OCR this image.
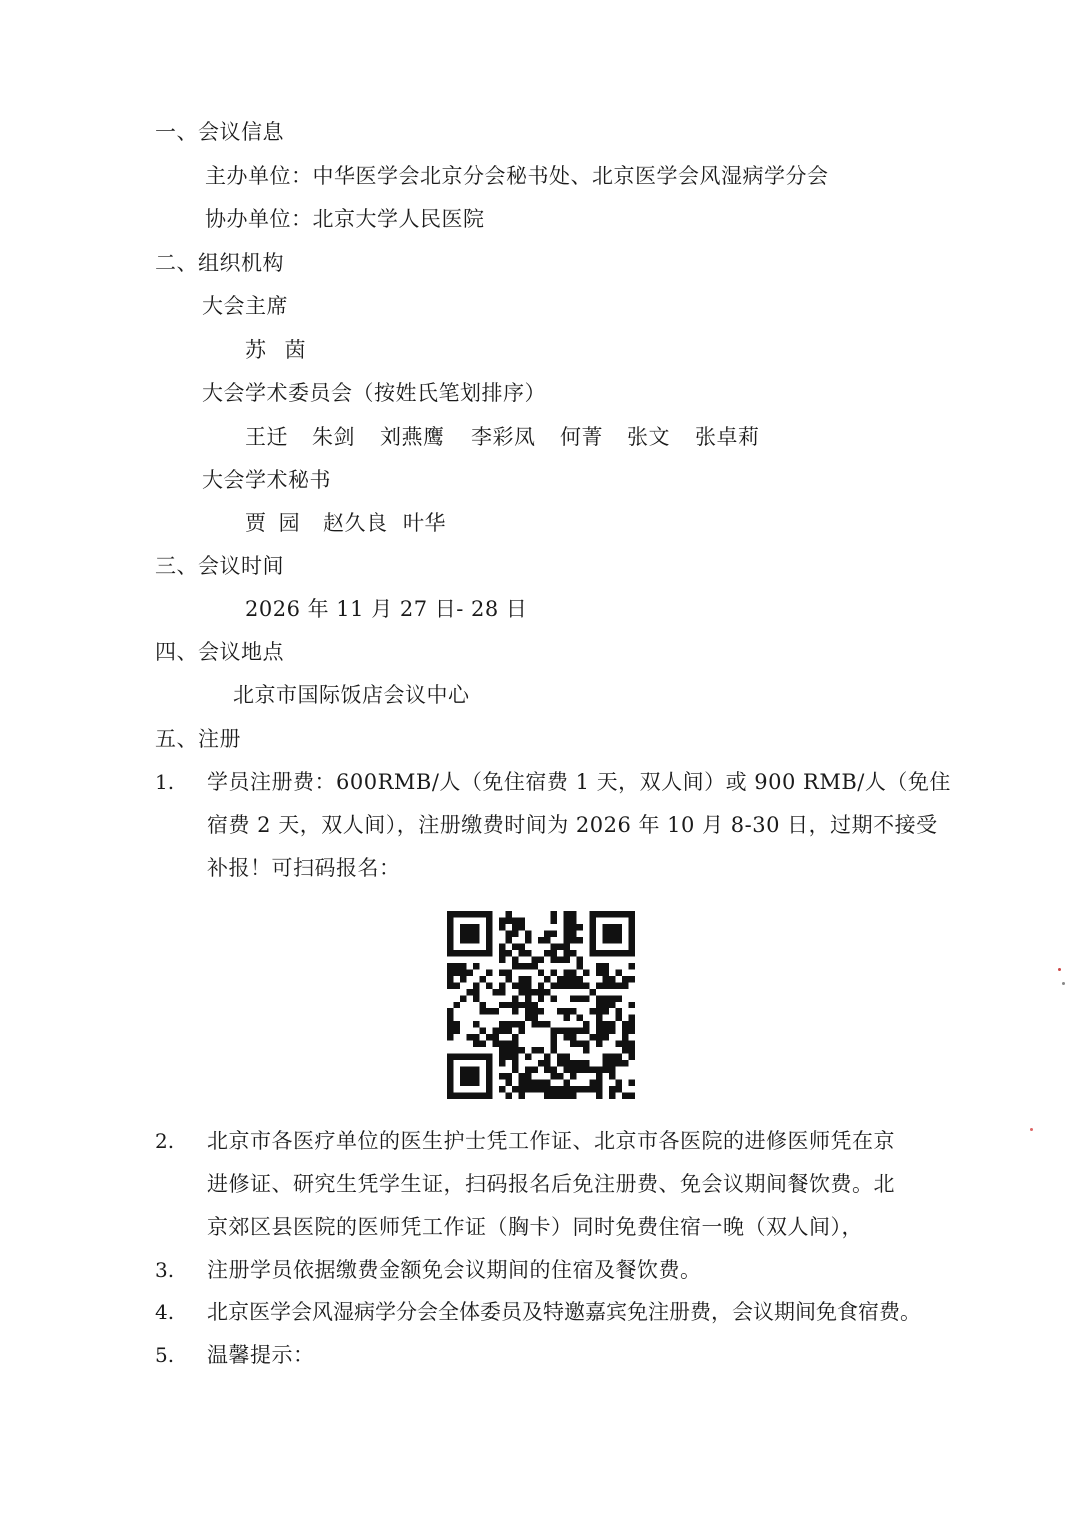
一、会议信息
主办单位：中华医学会北京分会秘书处、北京医学会风湿病学分会
协办单位：北京大学人民医院
二、组织机构
大会主席
苏 茵
大会学术委员会（按姓氏笔划排序）
王迁 朱剑 刘燕鹰 李彩凤 何菁 张文 张卓莉
大会学术秘书
贾 园 赵久良 叶华
三、会议时间
2026 年 11 月 27 日- 28 日
四、会议地点
北京市国际饭店会议中心
五、注册
1. 学员注册费：600RMB/人（免住宿费 1 天，双人间）或 900 RMB/人（免住
宿费 2 天，双人间），注册缴费时间为 2026 年 10 月 8-30 日，过期不接受
补报！可扫码报名：
2. 北京市各医疗单位的医生护士凭工作证、北京市各医院的进修医师凭在京
进修证、研究生凭学生证，扫码报名后免注册费、免会议期间餐饮费。北
京郊区县医院的医师凭工作证（胸卡）同时免费住宿一晚（双人间），
3. 注册学员依据缴费金额免会议期间的住宿及餐饮费。
4. 北京医学会风湿病学分会全体委员及特邀嘉宾免注册费，会议期间免食宿费。
5. 温馨提示：
